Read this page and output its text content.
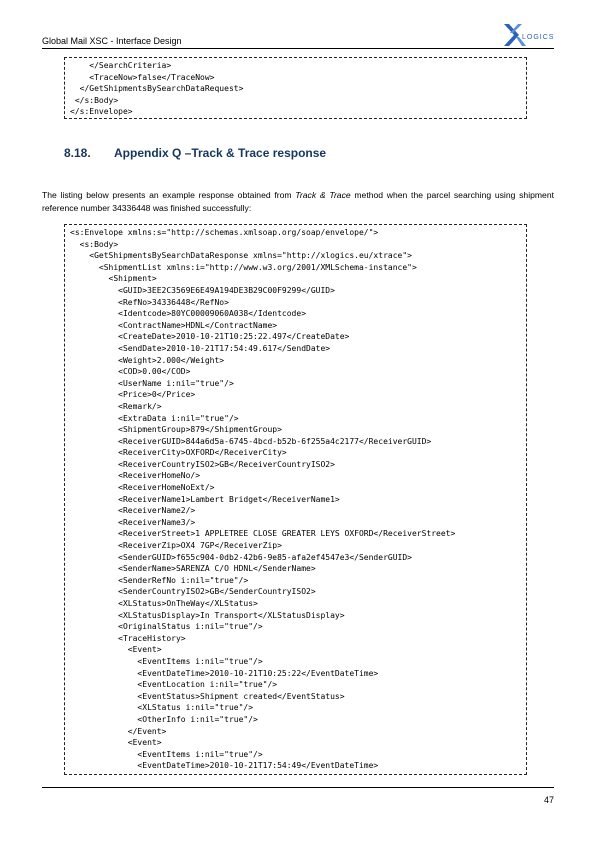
Global Mail XSC - Interface Design	LOGICS
</SearchCriteria>
<TraceNow>false</TraceNow>
</GetShipmentsBySearchDataRequest>
</s:Body>
</s:Envelope>
8.18. Appendix Q –Track & Trace response
The listing below presents an example response obtained from Track & Trace method when the parcel searching using shipment reference number 34336448 was finished successfully:
<s:Envelope xmlns:s="http://schemas.xmlsoap.org/soap/envelope/">
<s:Body>
<GetShipmentsBySearchDataResponse xmlns="http://xlogics.eu/xtrace">
<ShipmentList xmlns:i="http://www.w3.org/2001/XMLSchema-instance">
<Shipment>
<GUID>3EE2C3569E6E49A194DE3B29C00F9299</GUID>
<RefNo>34336448</RefNo>
<Identcode>80YC00009060A038</Identcode>
<ContractName>HDNL</ContractName>
<CreateDate>2010-10-21T10:25:22.497</CreateDate>
<SendDate>2010-10-21T17:54:49.617</SendDate>
<Weight>2.000</Weight>
<COD>0.00</COD>
<UserName i:nil="true"/>
<Price>0</Price>
<Remark/>
<ExtraData i:nil="true"/>
<ShipmentGroup>879</ShipmentGroup>
<ReceiverGUID>844a6d5a-6745-4bcd-b52b-6f255a4c2177</ReceiverGUID>
<ReceiverCity>OXFORD</ReceiverCity>
<ReceiverCountryISO2>GB</ReceiverCountryISO2>
<ReceiverHomeNo/>
<ReceiverHomeNoExt/>
<ReceiverName1>Lambert Bridget</ReceiverName1>
<ReceiverName2/>
<ReceiverName3/>
<ReceiverStreet>1 APPLETREE CLOSE GREATER LEYS OXFORD</ReceiverStreet>
<ReceiverZip>OX4 7GP</ReceiverZip>
<SenderGUID>f655c904-0db2-42b6-9e85-afa2ef4547e3</SenderGUID>
<SenderName>SARENZA C/O HDNL</SenderName>
<SenderRefNo i:nil="true"/>
<SenderCountryISO2>GB</SenderCountryISO2>
<XLStatus>OnTheWay</XLStatus>
<XLStatusDisplay>In Transport</XLStatusDisplay>
<OriginalStatus i:nil="true"/>
<TraceHistory>
<Event>
<EventItems i:nil="true"/>
<EventDateTime>2010-10-21T10:25:22</EventDateTime>
<EventLocation i:nil="true"/>
<EventStatus>Shipment created</EventStatus>
<XLStatus i:nil="true"/>
<OtherInfo i:nil="true"/>
</Event>
<Event>
<EventItems i:nil="true"/>
<EventDateTime>2010-10-21T17:54:49</EventDateTime>
47
